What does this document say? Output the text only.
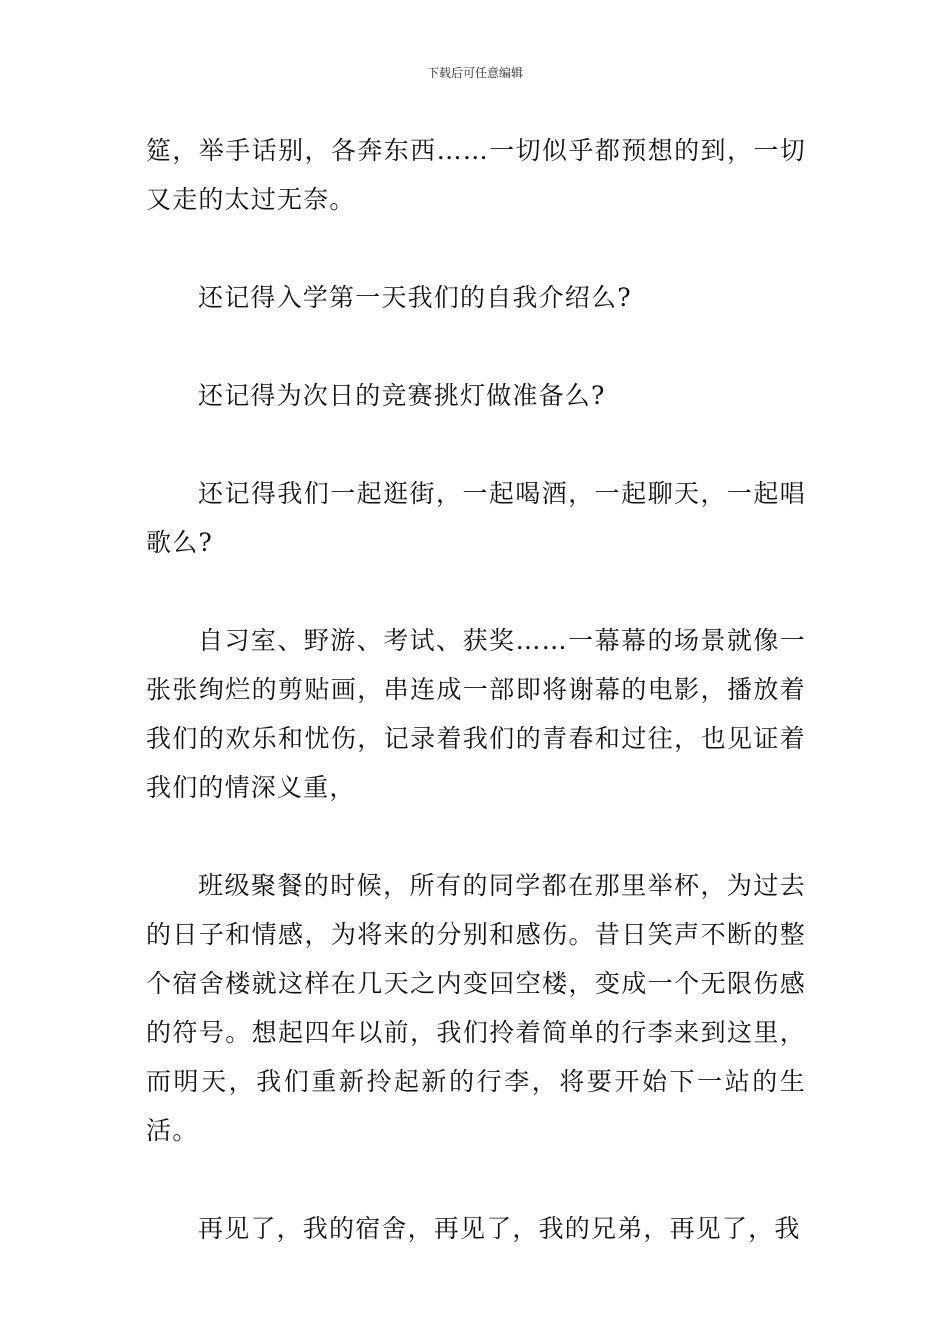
下载后可任意编辑

筵，举手话别，各奔东西……一切似乎都预想的到，一切又走的太过无奈。

还记得入学第一天我们的自我介绍么?

还记得为次日的竞赛挑灯做准备么?

还记得我们一起逛街，一起喝酒，一起聊天，一起唱歌么?

自习室、野游、考试、获奖……一幕幕的场景就像一张张绚烂的剪贴画，串连成一部即将谢幕的电影，播放着我们的欢乐和忧伤，记录着我们的青春和过往，也见证着我们的情深义重，

班级聚餐的时候，所有的同学都在那里举杯，为过去的日子和情感，为将来的分别和感伤。昔日笑声不断的整个宿舍楼就这样在几天之内变回空楼，变成一个无限伤感的符号。想起四年以前，我们拎着简单的行李来到这里，而明天，我们重新拎起新的行李，将要开始下一站的生活。

再见了，我的宿舍，再见了，我的兄弟，再见了，我
